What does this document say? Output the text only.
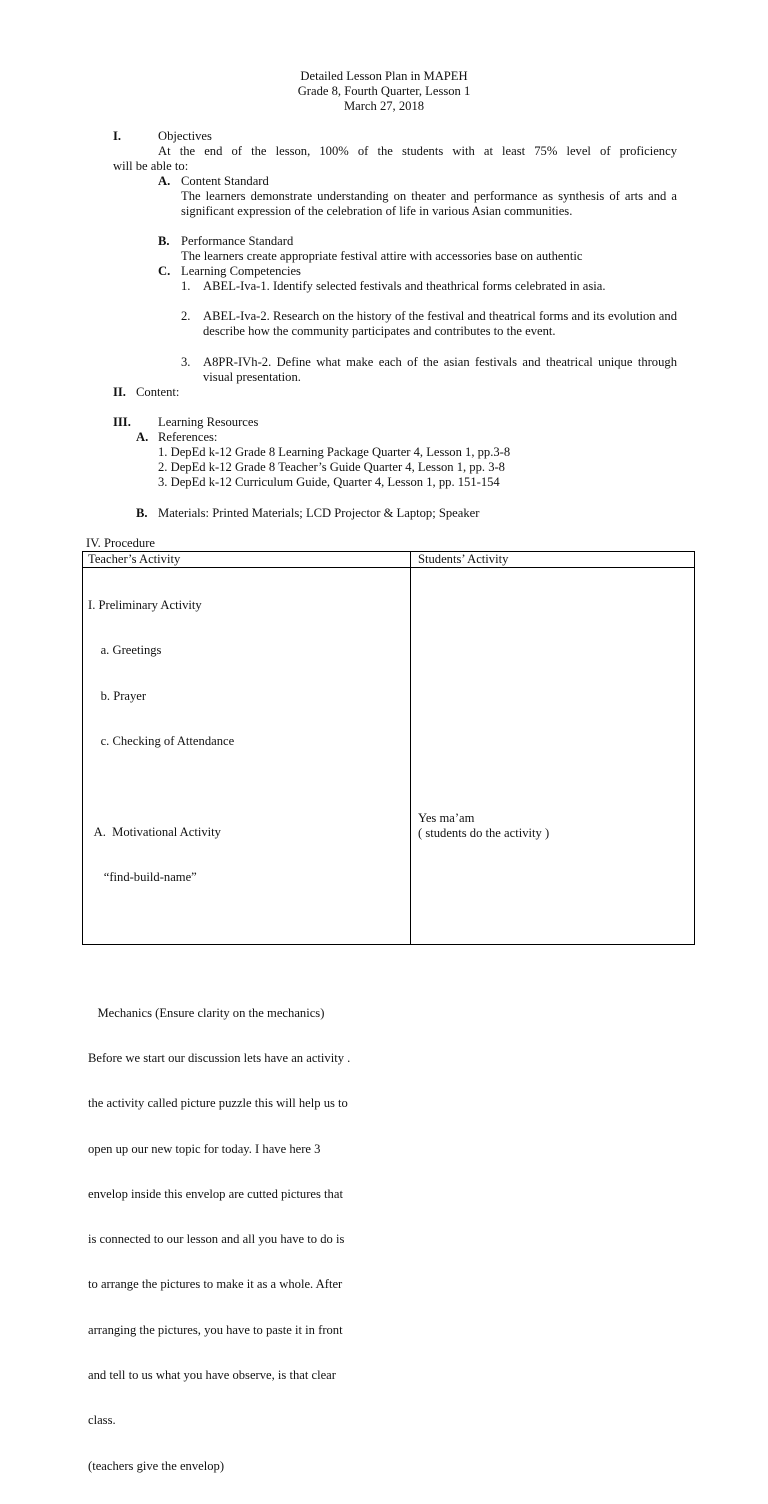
Detailed Lesson Plan in MAPEH
Grade 8, Fourth Quarter, Lesson 1
March 27, 2018
I.	Objectives
At the end of the lesson, 100% of the students with at least 75% level of proficiency
will be able to:
A. Content Standard
The learners demonstrate understanding on theater and performance as synthesis of arts and a significant expression of the celebration of life in various Asian communities.
B. Performance Standard
The learners create appropriate festival attire with accessories base on authentic
C. Learning Competencies
1. ABEL-Iva-1. Identify selected festivals and theathrical forms celebrated in asia.
2. ABEL-Iva-2. Research on the history of the festival and theatrical forms and its evolution and describe how the community participates and contributes to the event.
3. A8PR-IVh-2. Define what make each of the asian festivals and theatrical unique through visual presentation.
II. Content:
III. Learning Resources
A. References:
1. DepEd k-12 Grade 8 Learning Package Quarter 4, Lesson 1, pp.3-8
2. DepEd k-12 Grade 8 Teacher’s Guide Quarter 4, Lesson 1, pp. 3-8
3. DepEd k-12 Curriculum Guide, Quarter 4, Lesson 1, pp. 151-154
B. Materials: Printed Materials; LCD Projector & Laptop; Speaker
IV. Procedure
Teacher’s Activity	Students’ Activity

I. Preliminary Activity

a. Greetings

b. Prayer

c. Checking of Attendance

A.  Motivational Activity

“find-build-name”

Mechanics (Ensure clarity on the mechanics)

Before we start our discussion lets have an activity .

the activity called picture puzzle this will help us to

open up our new topic for today. I have here 3

envelop inside this envelop are cutted pictures that

is connected to our lesson and all you have to do is

to arrange the pictures to make it as a whole. After

arranging the pictures, you have to paste it in front

and tell to us what you have observe, is that clear

class.

(teachers give the envelop)

Yes ma’am
( students do the activity )
